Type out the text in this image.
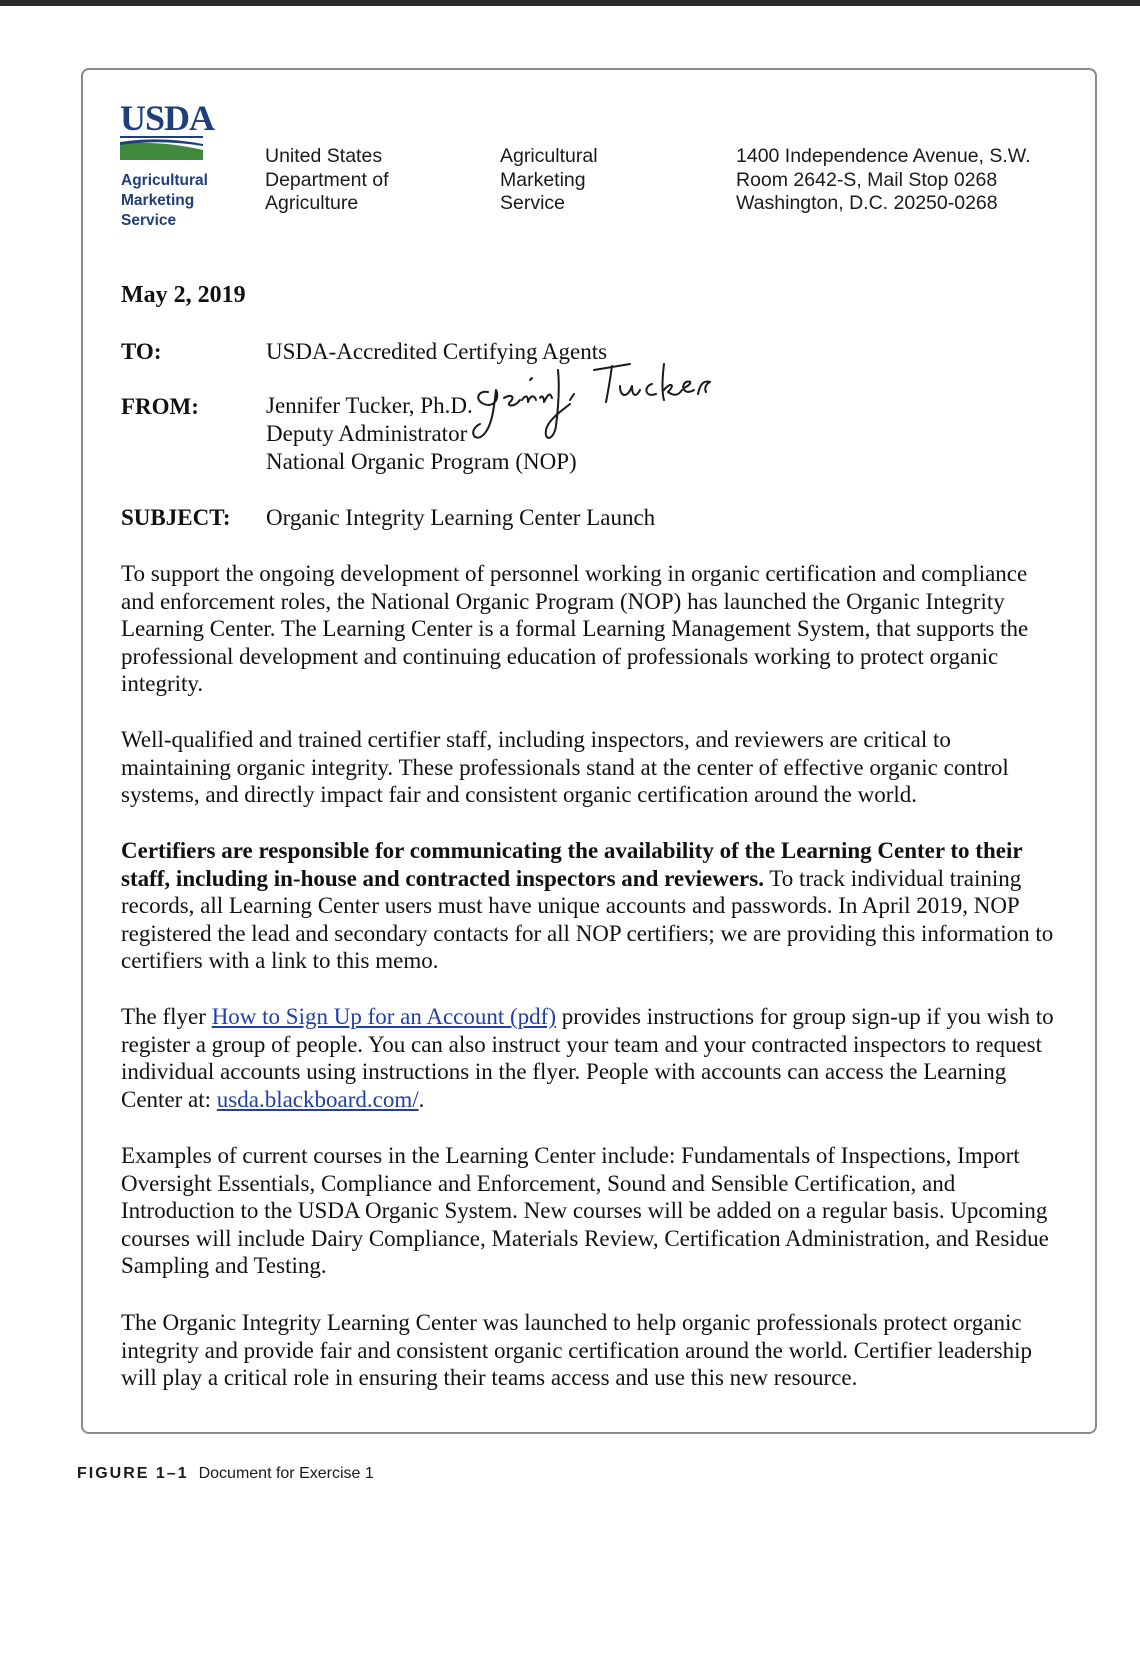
USDA
Agricultural
Marketing
Service
United States
Department of
Agriculture
Agricultural
Marketing
Service
1400 Independence Avenue, S.W.
Room 2642-S, Mail Stop 0268
Washington, D.C. 20250-0268
May 2, 2019
TO:	USDA-Accredited Certifying Agents
FROM:	Jennifer Tucker, Ph.D.
Deputy Administrator
National Organic Program (NOP)
SUBJECT: Organic Integrity Learning Center Launch

To support the ongoing development of personnel working in organic certification and compliance and enforcement roles, the National Organic Program (NOP) has launched the Organic Integrity Learning Center. The Learning Center is a formal Learning Management System, that supports the professional development and continuing education of professionals working to protect organic integrity.

Well-qualified and trained certifier staff, including inspectors, and reviewers are critical to maintaining organic integrity. These professionals stand at the center of effective organic control systems, and directly impact fair and consistent organic certification around the world.

Certifiers are responsible for communicating the availability of the Learning Center to their staff, including in-house and contracted inspectors and reviewers. To track individual training records, all Learning Center users must have unique accounts and passwords. In April 2019, NOP registered the lead and secondary contacts for all NOP certifiers; we are providing this information to certifiers with a link to this memo.

The flyer How to Sign Up for an Account (pdf) provides instructions for group sign-up if you wish to register a group of people. You can also instruct your team and your contracted inspectors to request individual accounts using instructions in the flyer. People with accounts can access the Learning Center at: usda.blackboard.com/.

Examples of current courses in the Learning Center include: Fundamentals of Inspections, Import Oversight Essentials, Compliance and Enforcement, Sound and Sensible Certification, and Introduction to the USDA Organic System. New courses will be added on a regular basis. Upcoming courses will include Dairy Compliance, Materials Review, Certification Administration, and Residue Sampling and Testing.

The Organic Integrity Learning Center was launched to help organic professionals protect organic integrity and provide fair and consistent organic certification around the world. Certifier leadership will play a critical role in ensuring their teams access and use this new resource.

FIGURE 1–1 Document for Exercise 1
